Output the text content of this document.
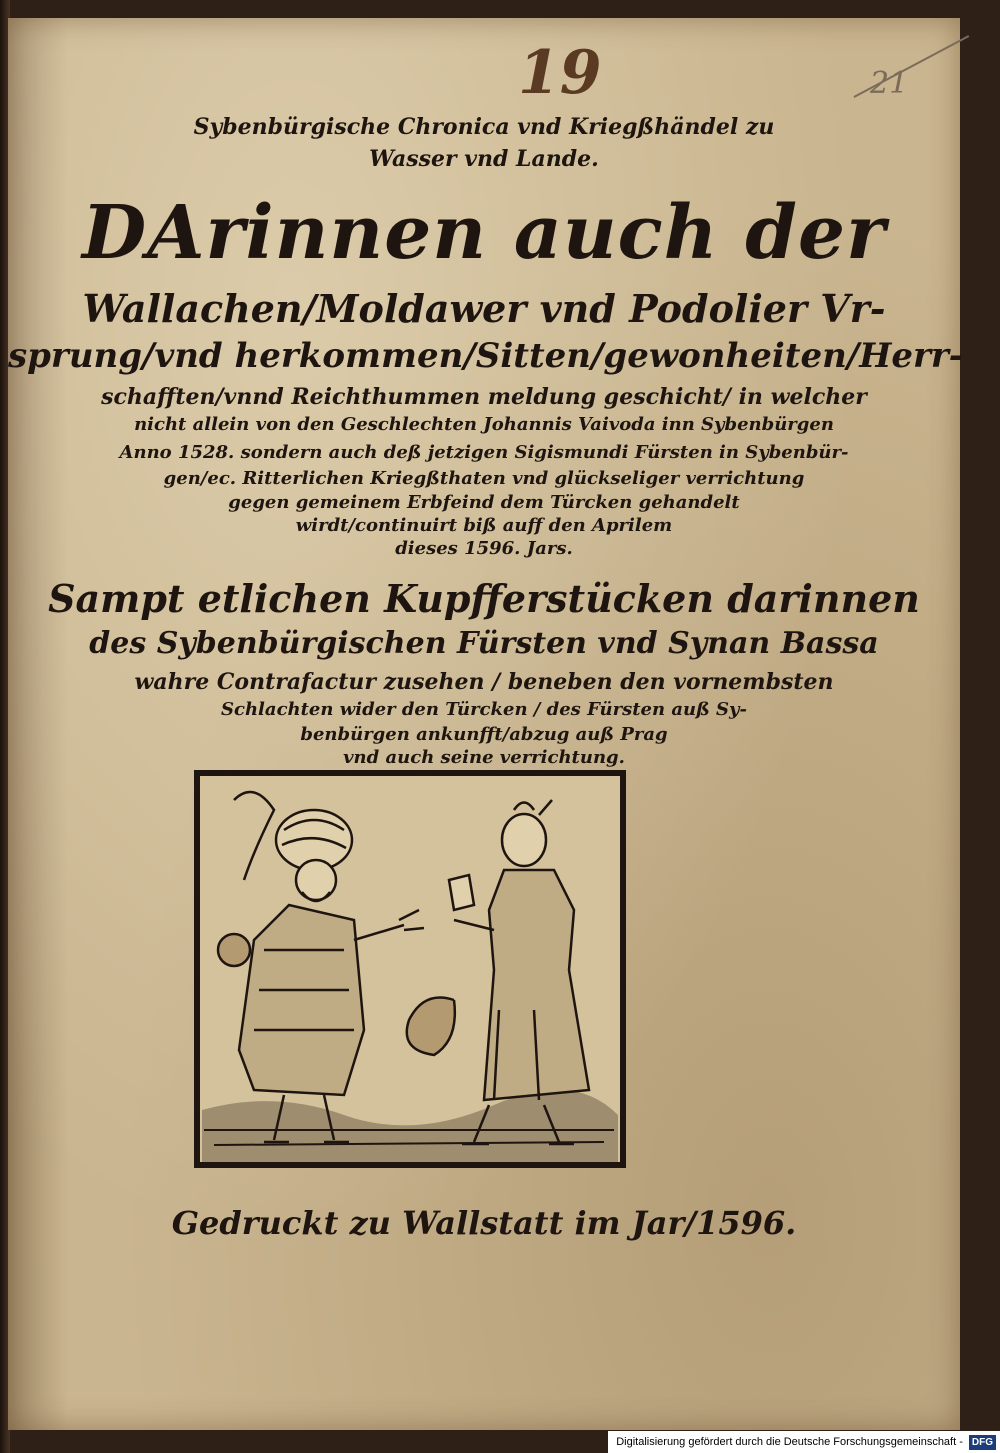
19	21
Sybenbürgische Chronica vnd Kriegßhändel zu
Wasser vnd Lande.
DArinnen auch der
Wallachen/Moldawer vnd Podolier Vr-
sprung/vnd herkommen/Sitten/gewonheiten/Herr-
schafften/vnnd Reichthummen meldung geschicht/ in welcher
nicht allein von den Geschlechten Johannis Vaivoda inn Sybenbürgen
Anno 1528. sondern auch deß jetzigen Sigismundi Fürsten in Sybenbür-
gen/ec. Ritterlichen Kriegßthaten vnd glückseliger verrichtung
gegen gemeinem Erbfeind dem Türcken gehandelt
wirdt/continuirt biß auff den Aprilem
dieses 1596. Jars.
Sampt etlichen Kupfferstücken darinnen
des Sybenbürgischen Fürsten vnd Synan Bassa
wahre Contrafactur zusehen / beneben den vornembsten
Schlachten wider den Türcken / des Fürsten auß Sy-
benbürgen ankunfft/abzug auß Prag
vnd auch seine verrichtung.
Gedruckt zu Wallstatt im Jar/1596.
Digitalisierung gefördert durch die Deutsche Forschungsgemeinschaft - DFG
